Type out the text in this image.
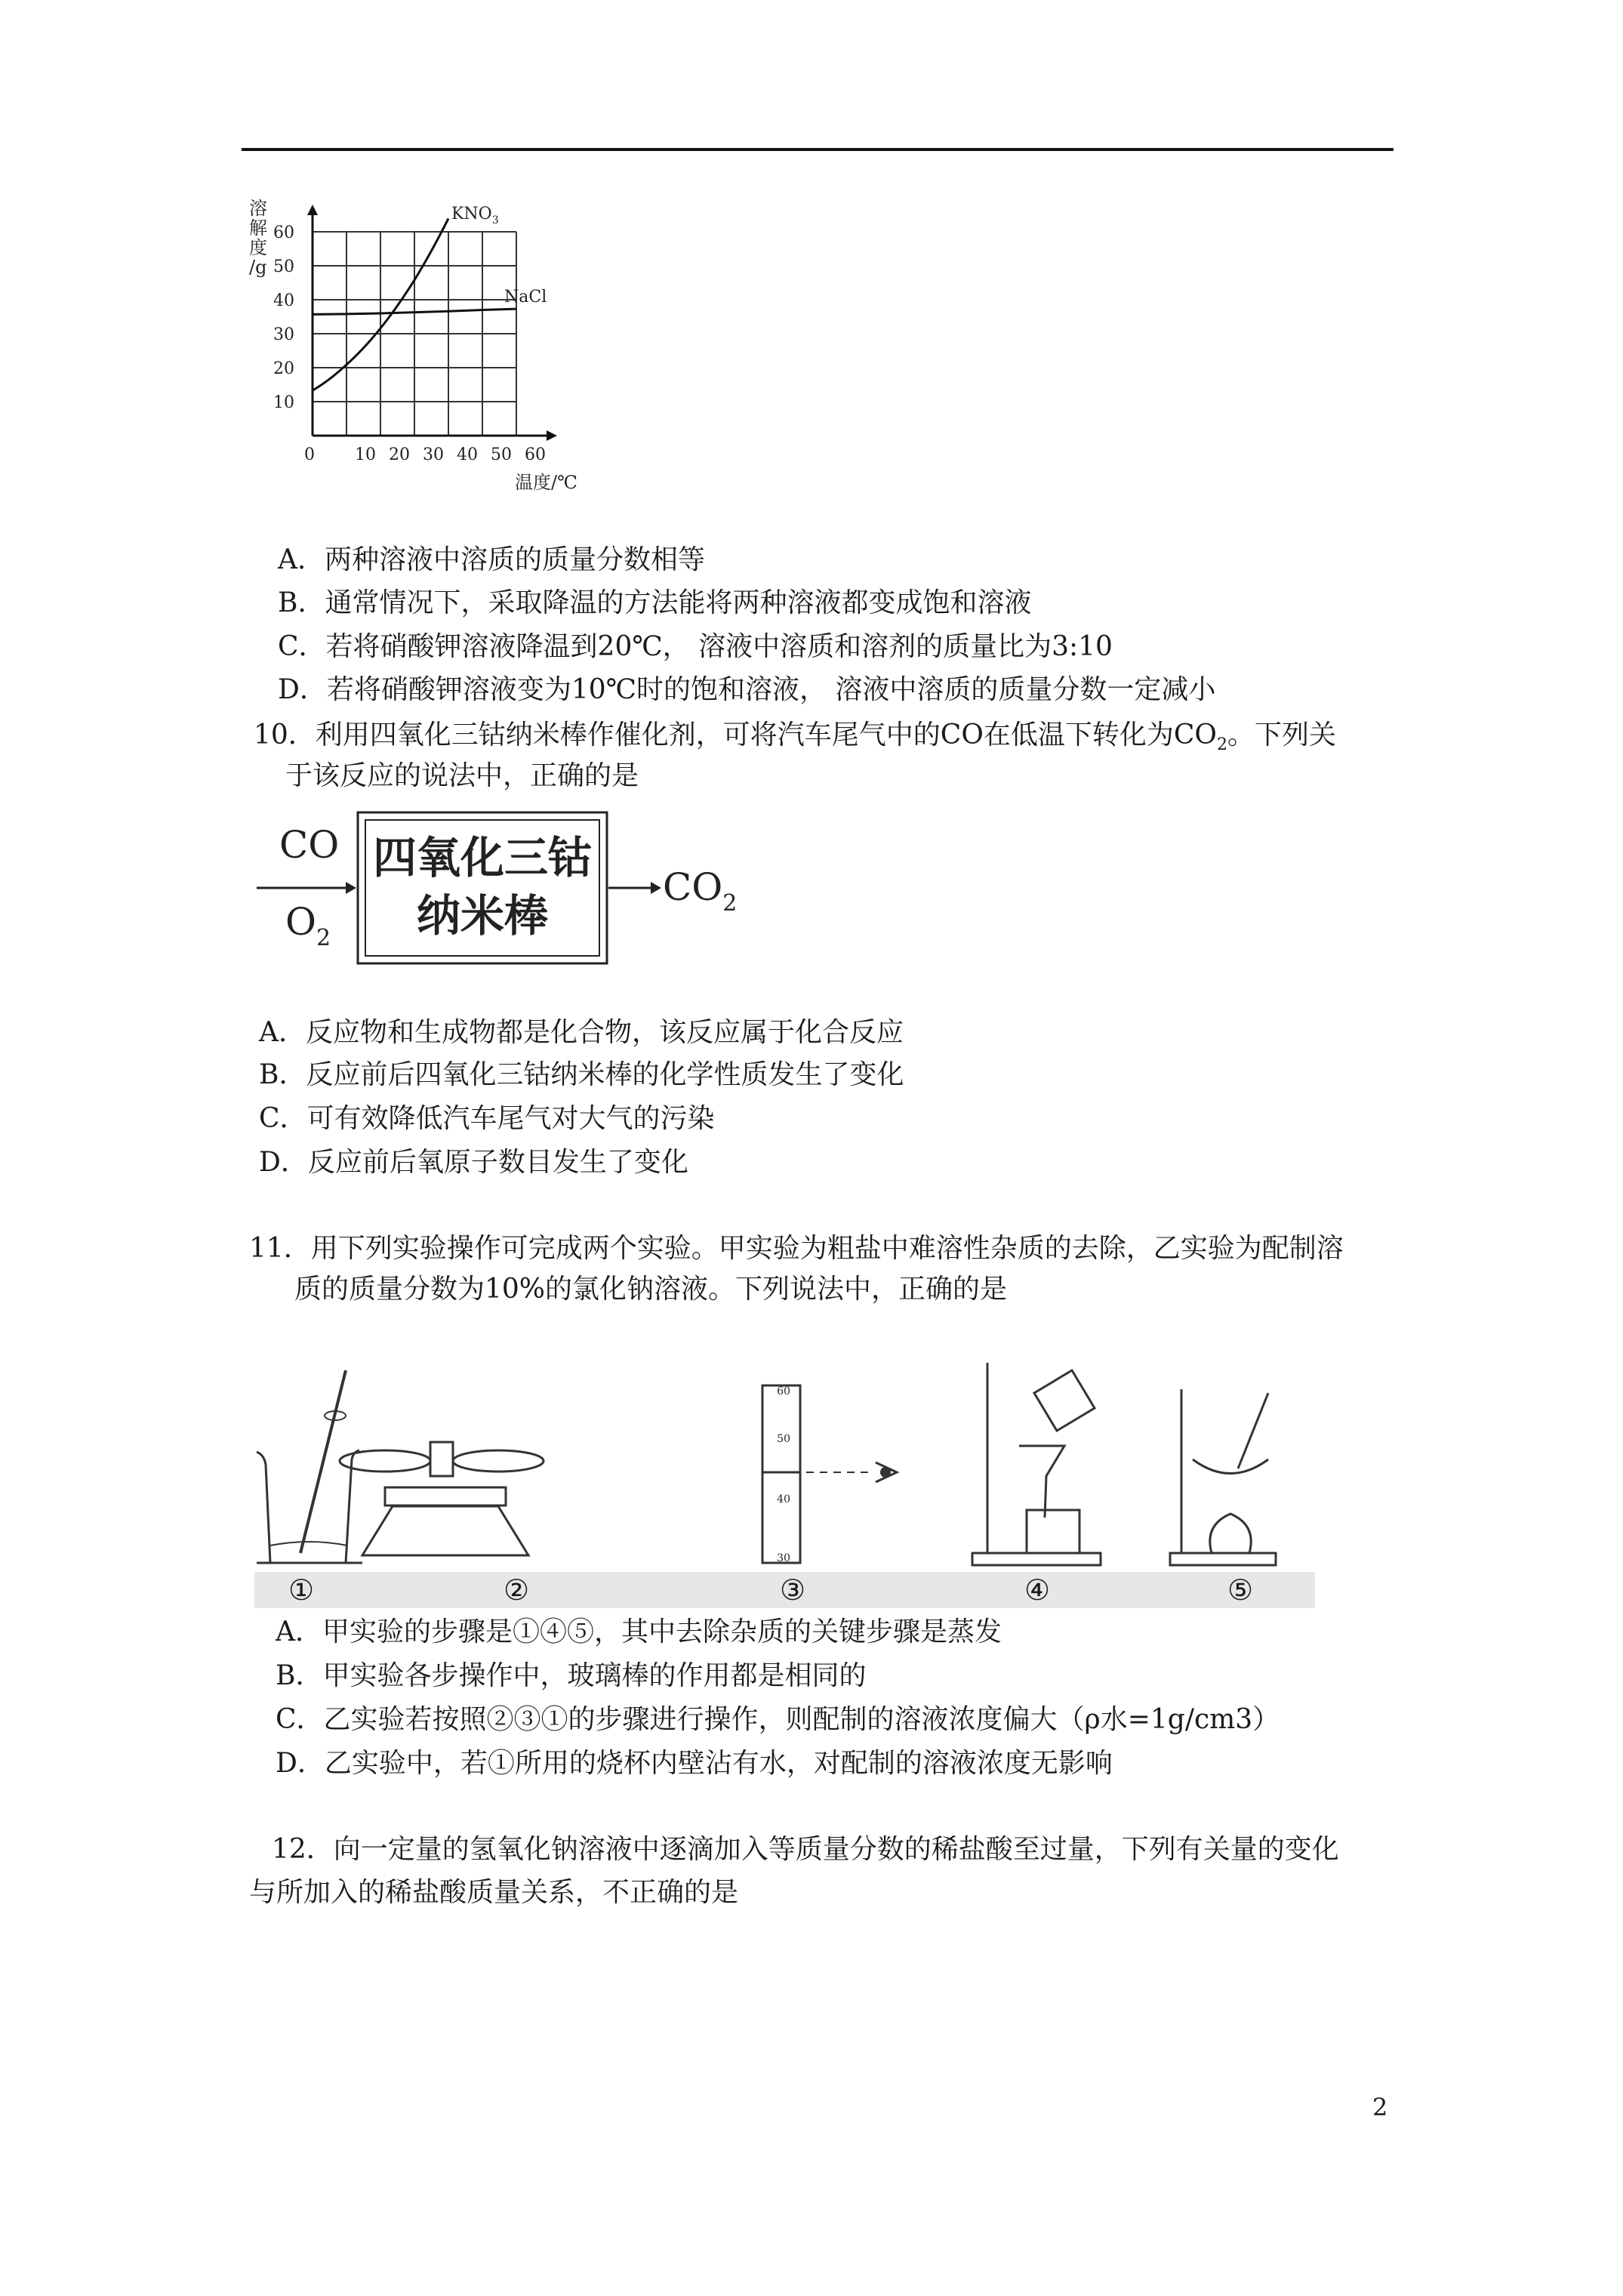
溶
解
度
/g
10
20
30
40
50
60
0 10 20 30 40 50 60
温度/℃
$KNO_3$
NaCl
A．两种溶液中溶质的质量分数相等
B．通常情况下，采取降温的方法能将两种溶液都变成饱和溶液
C．若将硝酸钾溶液降温到20℃， 溶液中溶质和溶剂的质量比为3:10
D．若将硝酸钾溶液变为10℃时的饱和溶液， 溶液中溶质的质量分数一定减小
10．利用四氧化三钴纳米棒作催化剂，可将汽车尾气中的CO在低温下转化为$CO_2$。下列关
于该反应的说法中，正确的是
CO
$O_2$
四氧化三钴
纳米棒
$CO_2$
A．反应物和生成物都是化合物，该反应属于化合反应
B．反应前后四氧化三钴纳米棒的化学性质发生了变化
C．可有效降低汽车尾气对大气的污染
D．反应前后氧原子数目发生了变化
11．用下列实验操作可完成两个实验。甲实验为粗盐中难溶性杂质的去除，乙实验为配制溶
质的质量分数为10%的氯化钠溶液。下列说法中，正确的是
60
50
40
30
①	②	③	④	⑤
A．甲实验的步骤是①④⑤，其中去除杂质的关键步骤是蒸发
B．甲实验各步操作中，玻璃棒的作用都是相同的
C．乙实验若按照②③①的步骤进行操作，则配制的溶液浓度偏大（ρ水=1g/cm3）
D．乙实验中，若①所用的烧杯内壁沾有水，对配制的溶液浓度无影响
12．向一定量的氢氧化钠溶液中逐滴加入等质量分数的稀盐酸至过量，下列有关量的变化
与所加入的稀盐酸质量关系，不正确的是
2
